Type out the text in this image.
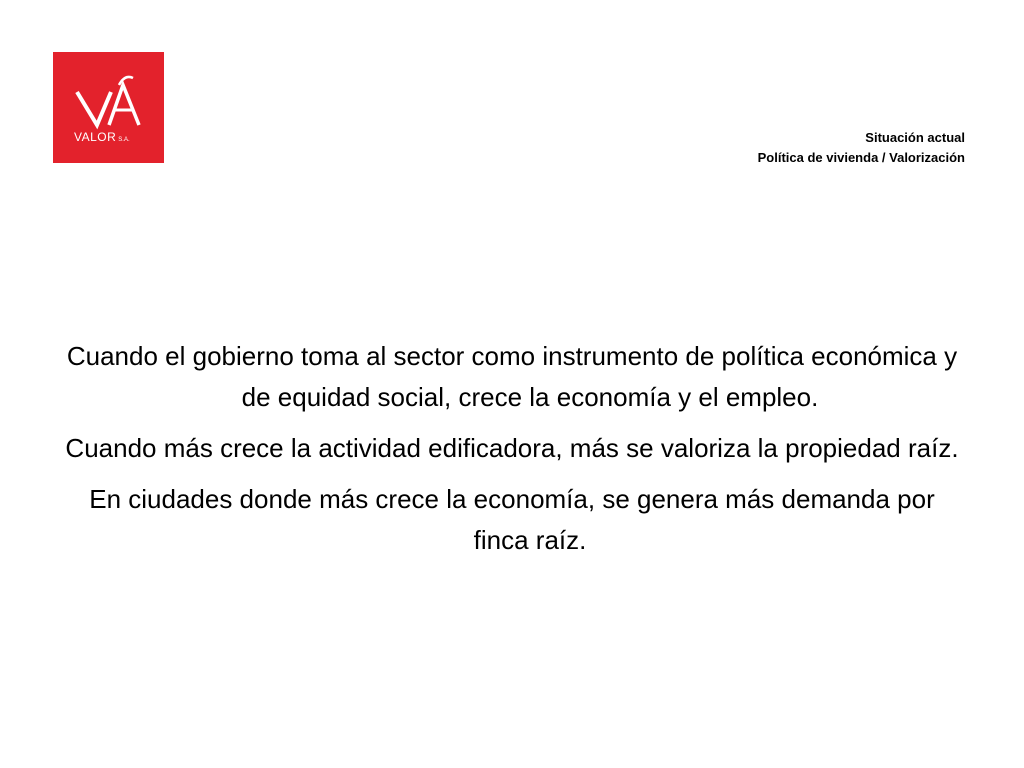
VALOR S.A.	Situación actual
Política de vivienda / Valorización

Cuando el gobierno toma al sector como instrumento de política económica y de equidad social, crece la economía y el empleo.

Cuando más crece la actividad edificadora, más se valoriza la propiedad raíz.

En ciudades donde más crece la economía, se genera más demanda por finca raíz.
